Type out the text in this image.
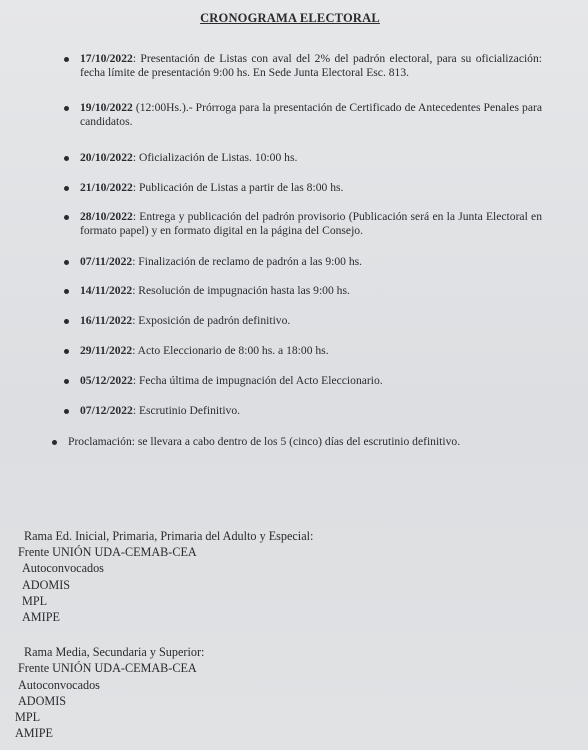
CRONOGRAMA ELECTORAL
17/10/2022: Presentación de Listas con aval del 2% del padrón electoral, para su oficialización: fecha límite de presentación 9:00 hs. En Sede Junta Electoral Esc. 813.
19/10/2022 (12:00Hs.).- Prórroga para la presentación de Certificado de Antecedentes Penales para candidatos.
20/10/2022: Oficialización de Listas. 10:00 hs.
21/10/2022: Publicación de Listas a partir de las 8:00 hs.
28/10/2022: Entrega y publicación del padrón provisorio (Publicación será en la Junta Electoral en formato papel) y en formato digital en la página del Consejo.
07/11/2022: Finalización de reclamo de padrón a las 9:00 hs.
14/11/2022: Resolución de impugnación hasta las 9:00 hs.
16/11/2022: Exposición de padrón definitivo.
29/11/2022: Acto Eleccionario de 8:00 hs. a 18:00 hs.
05/12/2022: Fecha última de impugnación del Acto Eleccionario.
07/12/2022: Escrutinio Definitivo.
Proclamación: se llevara a cabo dentro de los 5 (cinco) días del escrutinio definitivo.
Rama Ed. Inicial, Primaria, Primaria del Adulto y Especial:
Frente UNIÓN UDA-CEMAB-CEA
Autoconvocados
ADOMIS
MPL
AMIPE
Rama Media, Secundaria y Superior:
Frente UNIÓN UDA-CEMAB-CEA
Autoconvocados
ADOMIS
MPL
AMIPE
